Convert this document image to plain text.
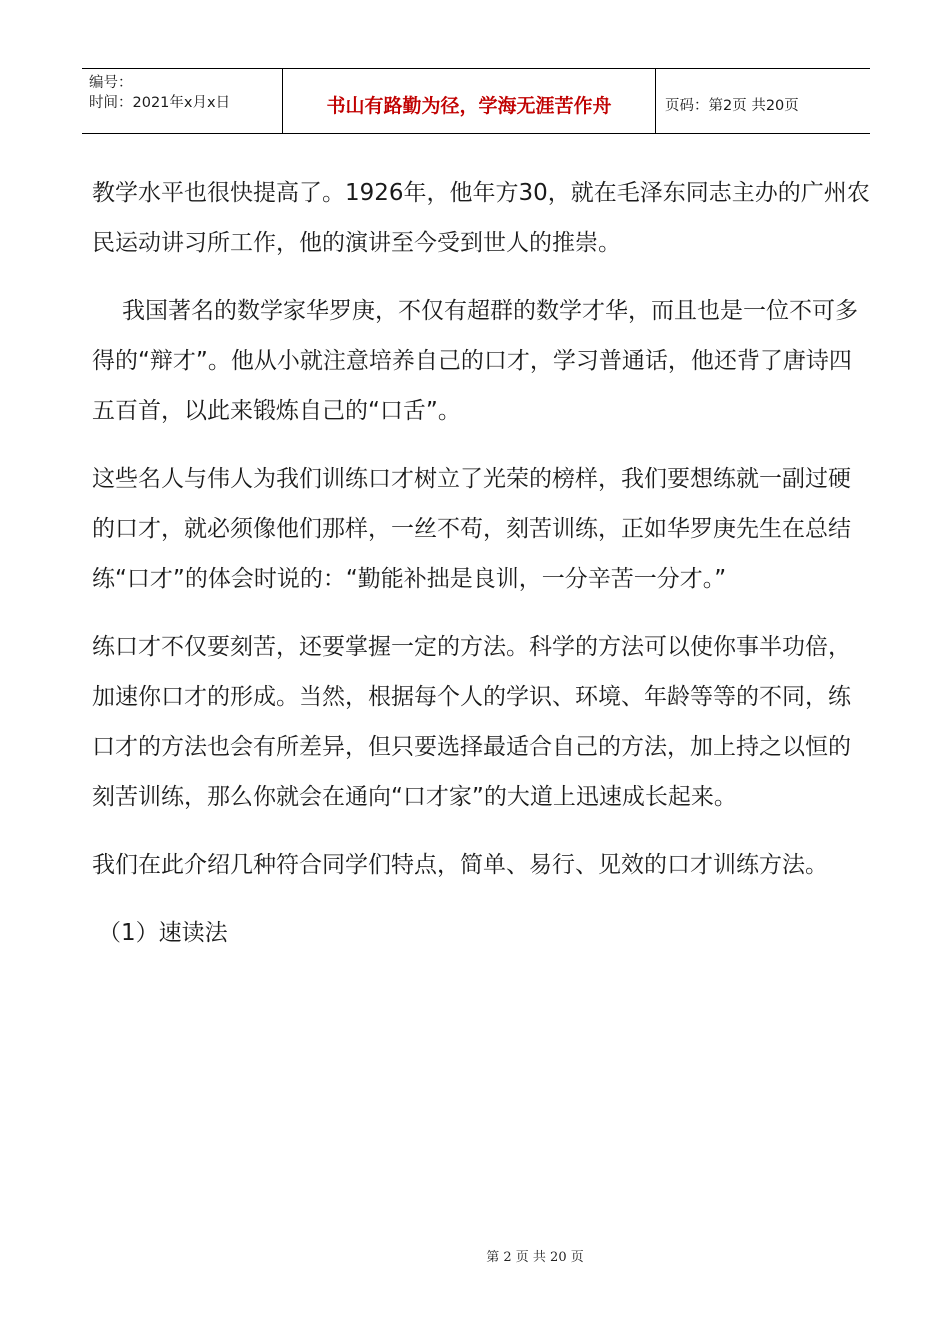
编号：
时间：2021年x月x日	书山有路勤为径，学海无涯苦作舟	页码：第2页 共20页

教学水平也很快提高了。1926年，他年方30，就在毛泽东同志主办的广州农民运动讲习所工作，他的演讲至今受到世人的推崇。

我国著名的数学家华罗庚，不仅有超群的数学才华，而且也是一位不可多得的“辩才”。他从小就注意培养自己的口才，学习普通话，他还背了唐诗四五百首，以此来锻炼自己的“口舌”。

这些名人与伟人为我们训练口才树立了光荣的榜样，我们要想练就一副过硬的口才，就必须像他们那样，一丝不苟，刻苦训练，正如华罗庚先生在总结练“口才”的体会时说的：“勤能补拙是良训，一分辛苦一分才。”

练口才不仅要刻苦，还要掌握一定的方法。科学的方法可以使你事半功倍，加速你口才的形成。当然，根据每个人的学识、环境、年龄等等的不同，练口才的方法也会有所差异，但只要选择最适合自己的方法，加上持之以恒的刻苦训练，那么你就会在通向“口才家”的大道上迅速成长起来。

我们在此介绍几种符合同学们特点，简单、易行、见效的口才训练方法。

（1）速读法

第 2 页 共 20 页
